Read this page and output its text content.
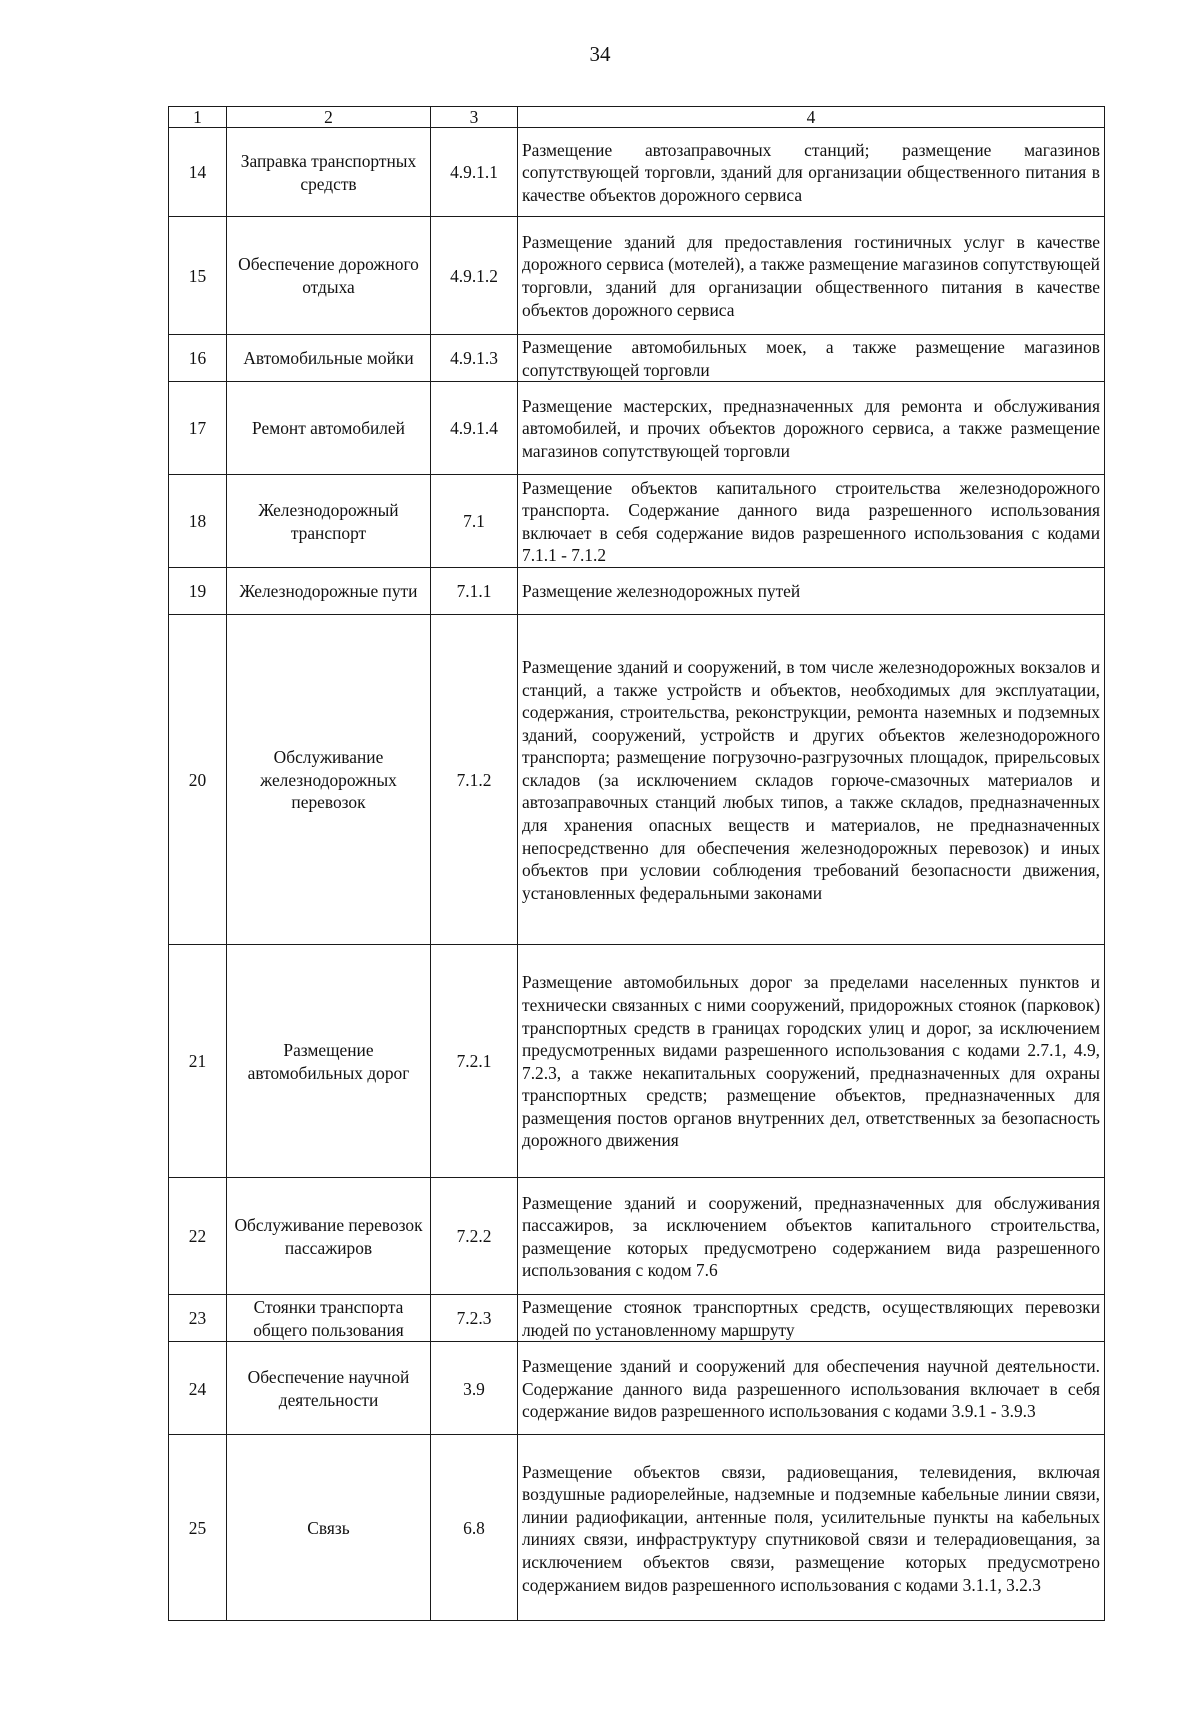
34
1	2	3	4
14	Заправка транспортных средств	4.9.1.1	Размещение автозаправочных станций; размещение магазинов сопутствующей торговли, зданий для организации общественного питания в качестве объектов дорожного сервиса
15	Обеспечение дорожного отдыха	4.9.1.2	Размещение зданий для предоставления гостиничных услуг в качестве дорожного сервиса (мотелей), а также размещение магазинов сопутствующей торговли, зданий для организации общественного питания в качестве объектов дорожного сервиса
16	Автомобильные мойки	4.9.1.3	Размещение автомобильных моек, а также размещение магазинов сопутствующей торговли
17	Ремонт автомобилей	4.9.1.4	Размещение мастерских, предназначенных для ремонта и обслуживания автомобилей, и прочих объектов дорожного сервиса, а также размещение магазинов сопутствующей торговли
18	Железнодорожный транспорт	7.1	Размещение объектов капитального строительства железнодорожного транспорта. Содержание данного вида разрешенного использования включает в себя содержание видов разрешенного использования с кодами 7.1.1 - 7.1.2
19	Железнодорожные пути	7.1.1	Размещение железнодорожных путей
20	Обслуживание железнодорожных перевозок	7.1.2	Размещение зданий и сооружений, в том числе железнодорожных вокзалов и станций, а также устройств и объектов, необходимых для эксплуатации, содержания, строительства, реконструкции, ремонта наземных и подземных зданий, сооружений, устройств и других объектов железнодорожного транспорта; размещение погрузочно-разгрузочных площадок, прирельсовых складов (за исключением складов горюче-смазочных материалов и автозаправочных станций любых типов, а также складов, предназначенных для хранения опасных веществ и материалов, не предназначенных непосредственно для обеспечения железнодорожных перевозок) и иных объектов при условии соблюдения требований безопасности движения, установленных федеральными законами
21	Размещение автомобильных дорог	7.2.1	Размещение автомобильных дорог за пределами населенных пунктов и технически связанных с ними сооружений, придорожных стоянок (парковок) транспортных средств в границах городских улиц и дорог, за исключением предусмотренных видами разрешенного использования с кодами 2.7.1, 4.9, 7.2.3, а также некапитальных сооружений, предназначенных для охраны транспортных средств; размещение объектов, предназначенных для размещения постов органов внутренних дел, ответственных за безопасность дорожного движения
22	Обслуживание перевозок пассажиров	7.2.2	Размещение зданий и сооружений, предназначенных для обслуживания пассажиров, за исключением объектов капитального строительства, размещение которых предусмотрено содержанием вида разрешенного использования с кодом 7.6
23	Стоянки транспорта общего пользования	7.2.3	Размещение стоянок транспортных средств, осуществляющих перевозки людей по установленному маршруту
24	Обеспечение научной деятельности	3.9	Размещение зданий и сооружений для обеспечения научной деятельности. Содержание данного вида разрешенного использования включает в себя содержание видов разрешенного использования с кодами 3.9.1 - 3.9.3
25	Связь	6.8	Размещение объектов связи, радиовещания, телевидения, включая воздушные радиорелейные, надземные и подземные кабельные линии связи, линии радиофикации, антенные поля, усилительные пункты на кабельных линиях связи, инфраструктуру спутниковой связи и телерадиовещания, за исключением объектов связи, размещение которых предусмотрено содержанием видов разрешенного использования с кодами 3.1.1, 3.2.3
